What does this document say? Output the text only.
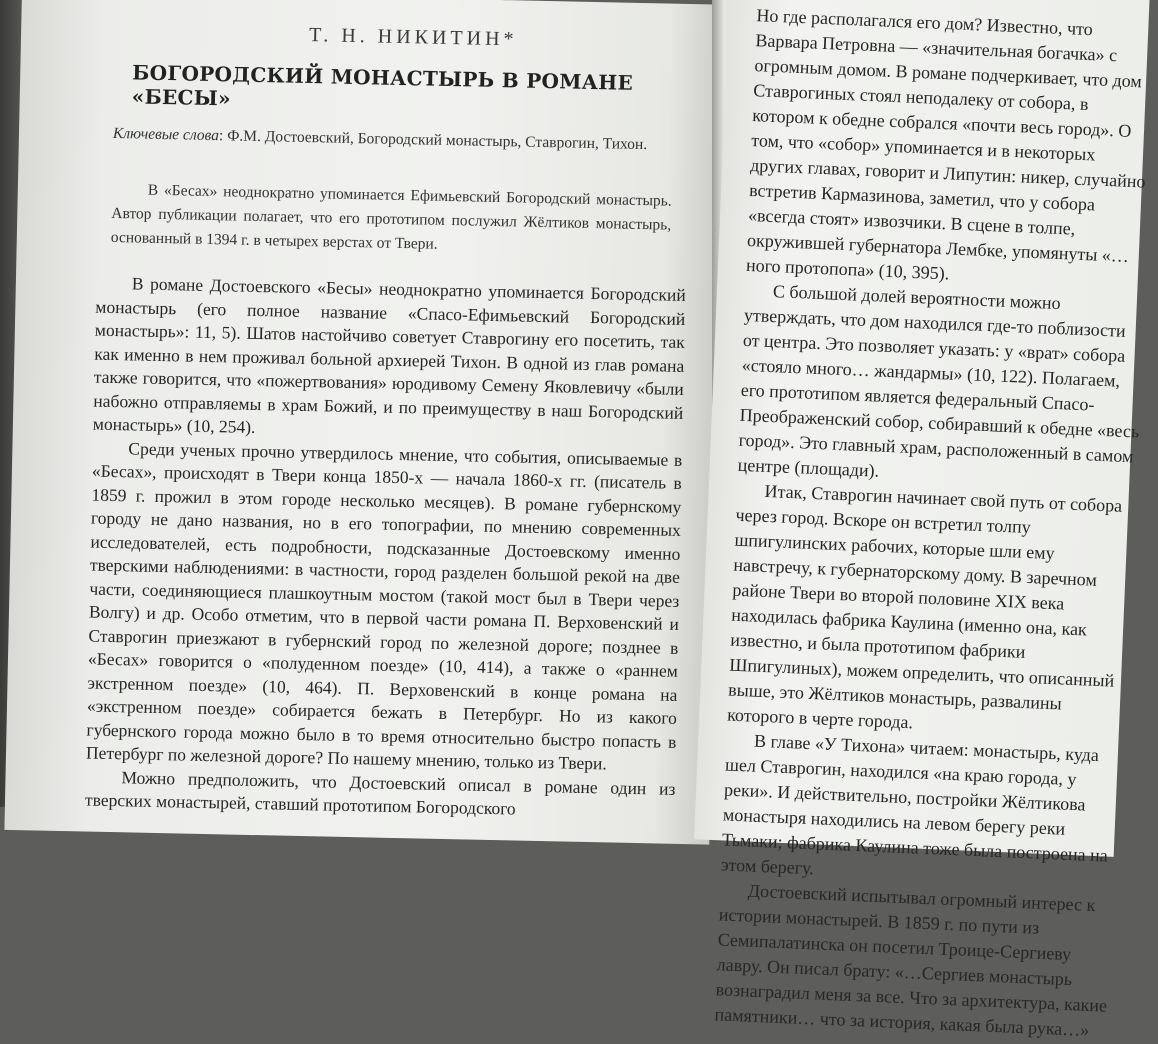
Т. Н. НИКИТИН*
БОГОРОДСКИЙ МОНАСТЫРЬ В РОМАНЕ «БЕСЫ»
Ключевые слова: Ф.М. Достоевский, Богородский монастырь, Ставрогин, Тихон.
В «Бесах» неоднократно упоминается Ефимьевский Богородский монастырь. Автор публикации полагает, что его прототипом послужил Жёлтиков монастырь, основанный в 1394 г. в четырех верстах от Твери.

В романе Достоевского «Бесы» неоднократно упоминается Богородский монастырь (его полное название «Спасо-Ефимьевский Богородский монастырь»: 11, 5). Шатов настойчиво советует Ставрогину его посетить, так как именно в нем проживал больной архиерей Тихон. В одной из глав романа также говорится, что «пожертвования» юродивому Семену Яковлевичу «были набожно отправляемы в храм Божий, и по преимуществу в наш Богородский монастырь» (10, 254).

Среди ученых прочно утвердилось мнение, что события, описываемые в «Бесах», происходят в Твери конца 1850-х — начала 1860-х гг. (писатель в 1859 г. прожил в этом городе несколько месяцев). В романе губернскому городу не дано названия, но в его топографии, по мнению современных исследователей, есть подробности, подсказанные Достоевскому именно тверскими наблюдениями: в частности, город разделен большой рекой на две части, соединяющиеся плашкоутным мостом (такой мост был в Твери через Волгу) и др. Особо отметим, что в первой части романа П. Верховенский и Ставрогин приезжают в губернский город по железной дороге; позднее в «Бесах» говорится о «полуденном поезде» (10, 414), а также о «раннем экстренном поезде» (10, 464). П. Верховенский в конце романа на «экстренном поезде» собирается бежать в Петербург. Но из какого губернского города можно было в то время относительно быстро попасть в Петербург по железной дороге? По нашему мнению, только из Твери.

Можно предположить, что Достоевский описал в романе один из тверских монастырей, ставший прототипом Богородского

Но где располагался его дом? Известно, что Варвара Петровна — «значительная богачка» с огромным домом. В романе подчеркивает, что дом Ставрогиных стоял неподалеку от собора, в котором к обедне собрался «почти весь город». О том, что «собор» упоминается и в некоторых других главах, говорит и Липутин: никер, случайно встретив Кармазинова, заметил, что у собора «всегда стоят» извозчики. В сцене в толпе, окружившей губернатора Лембке, упомянуты «…ного протопопа» (10, 395).

С большой долей вероятности можно утверждать, что дом находился где-то поблизости от центра. Это позволяет указать: у «врат» собора «стояло много… жандармы» (10, 122). Полагаем, его прототипом является федеральный Спасо-Преображенский собор, собиравший к обедне «весь город». Это главный храм, расположенный в самом центре (площади).

Итак, Ставрогин начинает свой путь от собора через город. Вскоре он встретил толпу шпигулинских рабочих, которые шли ему навстречу, к губернаторскому дому. В заречном районе Твери во второй половине XIX века находилась фабрика Каулина (именно она, как известно, и была прототипом фабрики Шпигулиных), можем определить, что описанный выше, это Жёлтиков монастырь, развалины которого в черте города.

В главе «У Тихона» читаем: монастырь, куда шел Ставрогин, находился «на краю города, у реки». И действительно, постройки Жёлтикова монастыря находились на левом берегу реки Тьмаки; фабрика Каулина тоже была построена на этом берегу.

Достоевский испытывал огромный интерес к истории монастырей. В 1859 г. по пути из Семипалатинска он посетил Троице-Сергиеву лавру. Он писал брату: «…Сергиев монастырь вознаградил меня за все. Что за архитектура, какие памятники… что за история, какая была рука…»
